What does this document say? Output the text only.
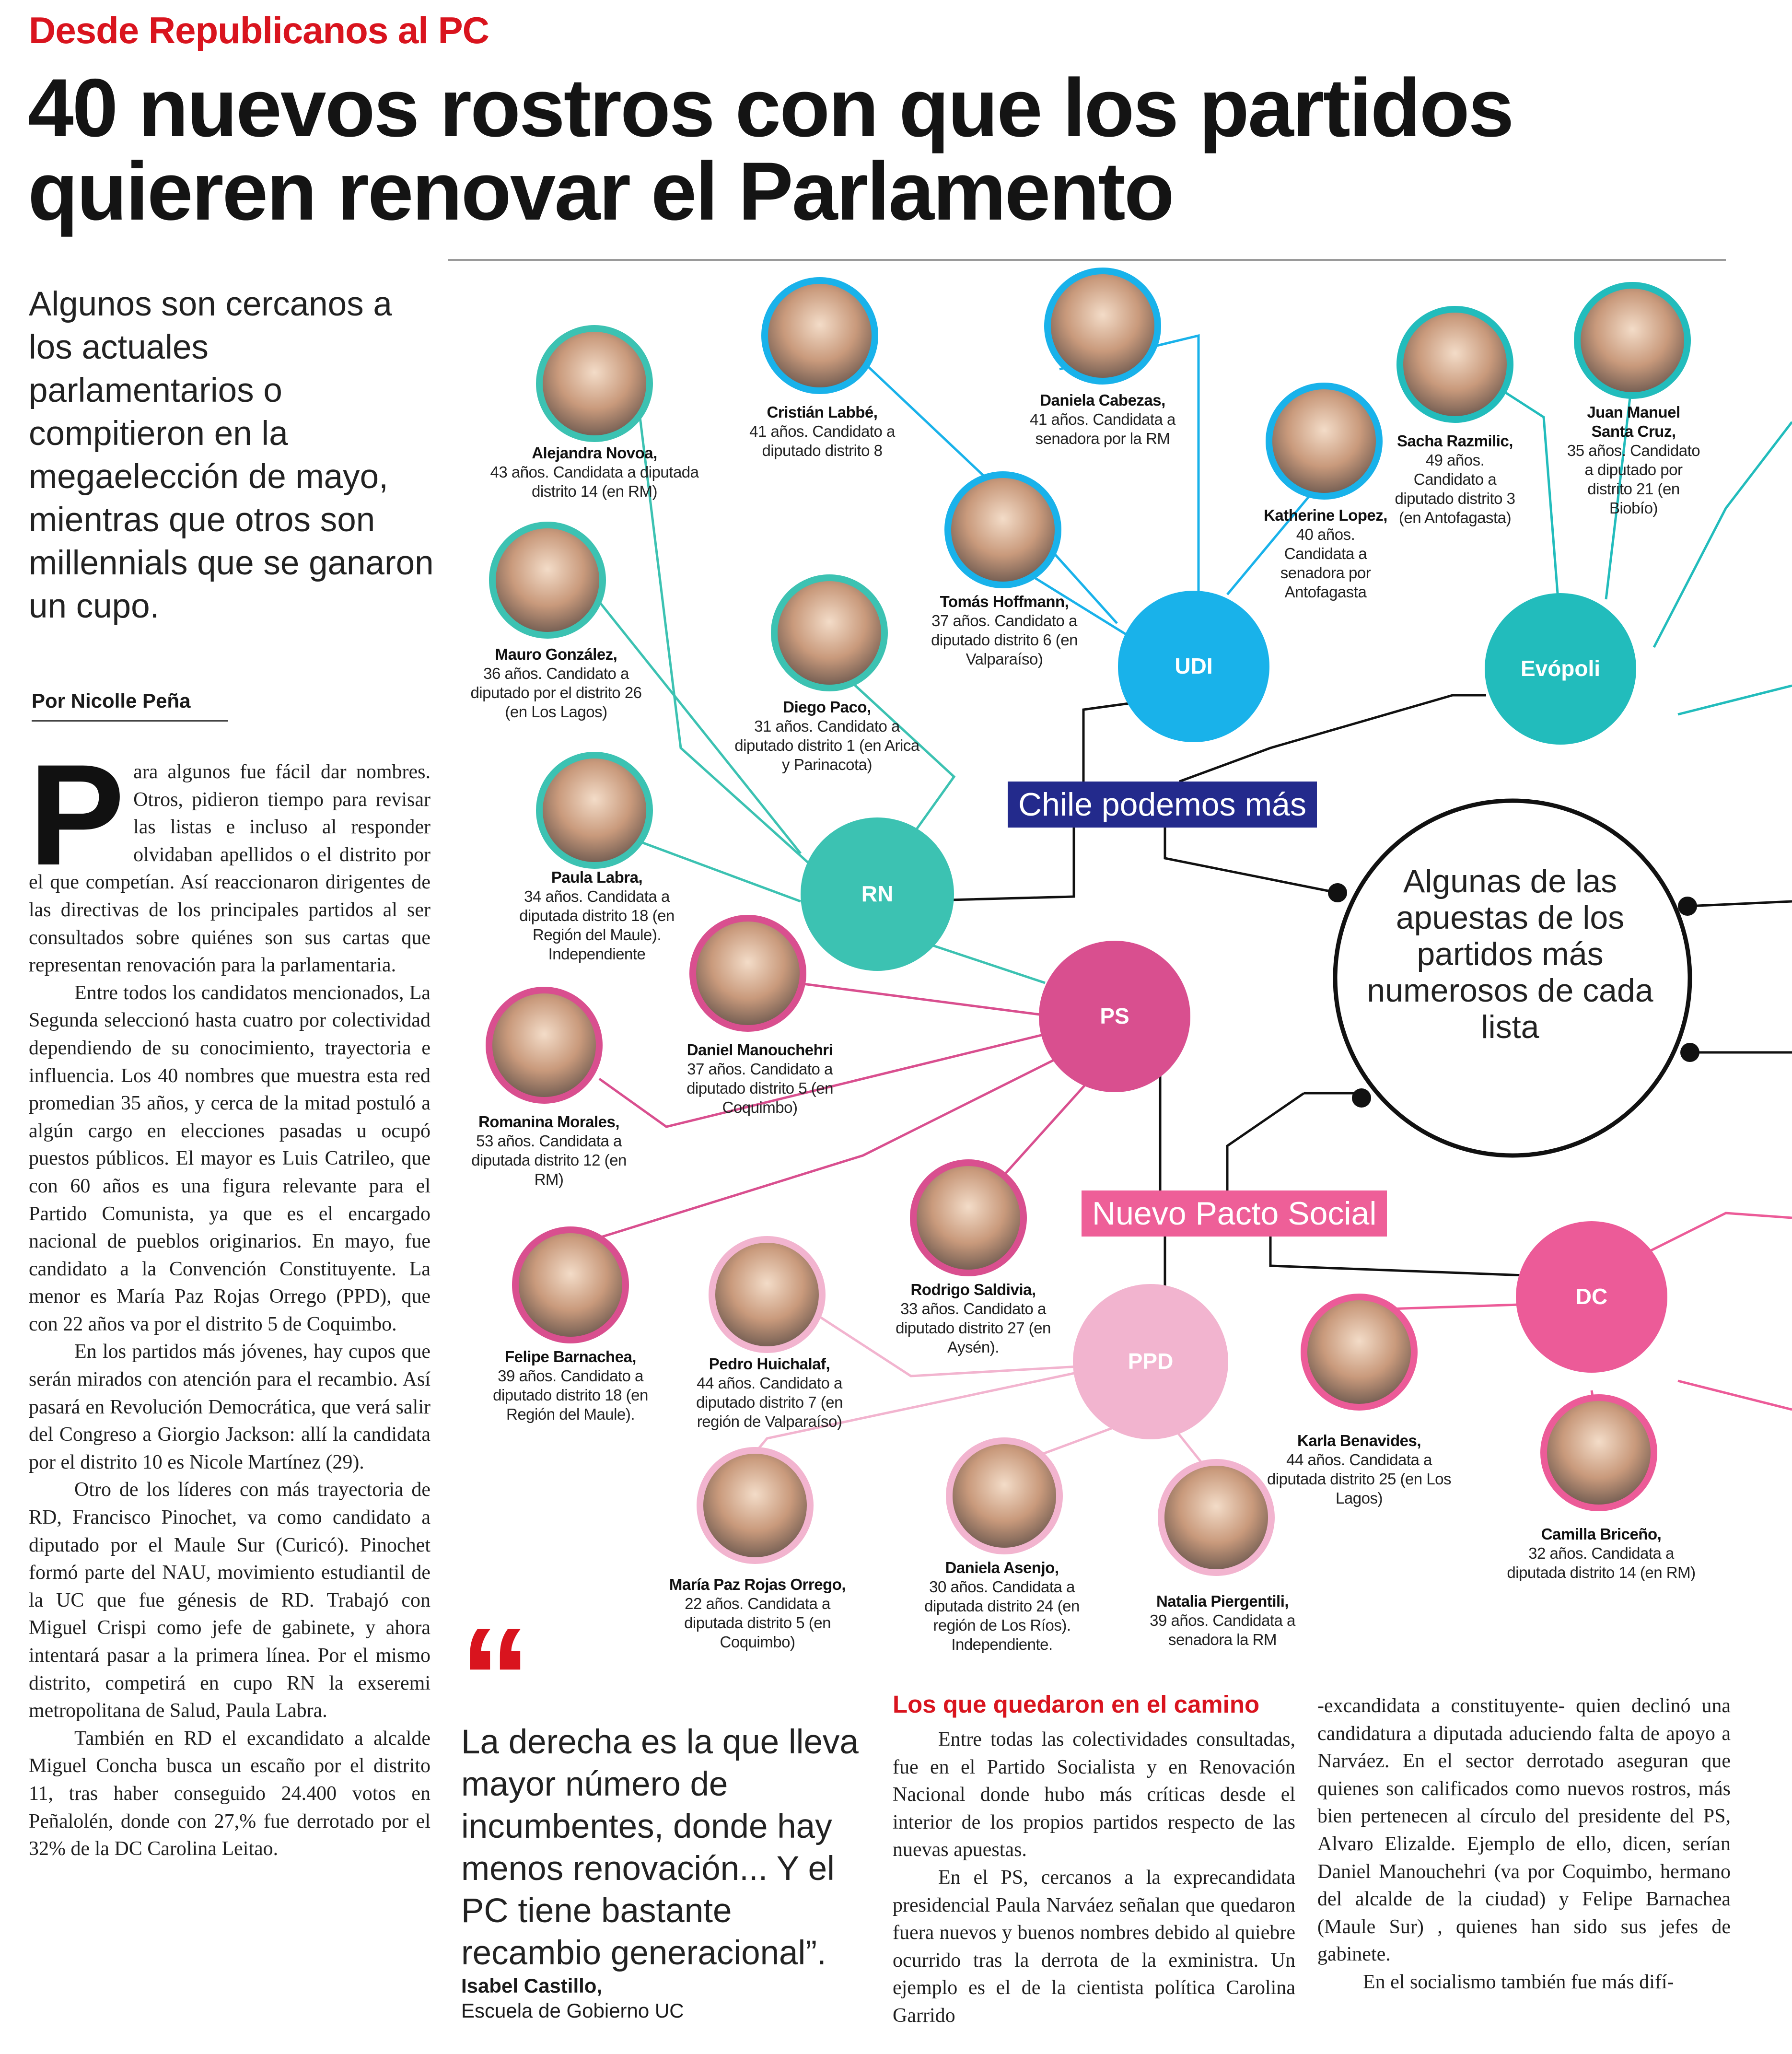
Desde Republicanos al PC
40 nuevos rostros con que los partidos quieren renovar el Parlamento
Algunos son cercanos a los actuales parlamentarios o compitieron en la megaelección de mayo, mientras que otros son millennials que se ganaron un cupo.
Por Nicolle Peña

Para algunos fue fácil dar nombres. Otros, pidieron tiempo para revisar las listas e incluso al responder olvidaban apellidos o el distrito por el que competían. Así reaccionaron dirigentes de las directivas de los principales partidos al ser consultados sobre quiénes son sus cartas que representan renovación para la parlamentaria.

Entre todos los candidatos mencionados, La Segunda seleccionó hasta cuatro por colectividad dependiendo de su conocimiento, trayectoria e influencia. Los 40 nombres que muestra esta red promedian 35 años, y cerca de la mitad postuló a algún cargo en elecciones pasadas u ocupó puestos públicos. El mayor es Luis Catrileo, que con 60 años es una figura relevante para el Partido Comunista, ya que es el encargado nacional de pueblos originarios. En mayo, fue candidato a la Convención Constituyente. La menor es María Paz Rojas Orrego (PPD), que con 22 años va por el distrito 5 de Coquimbo.

En los partidos más jóvenes, hay cupos que serán mirados con atención para el recambio. Así pasará en Revolución Democrática, que verá salir del Congreso a Giorgio Jackson: allí la candidata por el distrito 10 es Nicole Martínez (29).

Otro de los líderes con más trayectoria de RD, Francisco Pinochet, va como candidato a diputado por el Maule Sur (Curicó). Pinochet formó parte del NAU, movimiento estudiantil de la UC que fue génesis de RD. Trabajó con Miguel Crispi como jefe de gabinete, y ahora intentará pasar a la primera línea. Por el mismo distrito, competirá en cupo RN la exseremi metropolitana de Salud, Paula Labra.

También en RD el excandidato a alcalde Miguel Concha busca un escaño por el distrito 11, tras haber conseguido 24.400 votos en Peñalolén, donde con 27,% fue derrotado por el 32% de la DC Carolina Leitao.

UDI	Evópoli
RN
PS
PPD
DC
Chile podemos más
Nuevo Pacto Social
Algunas de las apuestas de los partidos más numerosos de cada lista
Alejandra Novoa,
43 años. Candidata a diputada distrito 14 (en RM)
Cristián Labbé,
41 años. Candidato a diputado distrito 8
Daniela Cabezas,
41 años. Candidata a senadora por la RM
Katherine Lopez,
40 años. Candidata a senadora por Antofagasta
Sacha Razmilic,
49 años. Candidato a diputado distrito 3 (en Antofagasta)
Juan Manuel Santa Cruz,
35 años. Candidato a diputado por distrito 21 (en Biobío)
Tomás Hoffmann,
37 años. Candidato a diputado distrito 6 (en Valparaíso)
Mauro González,
36 años. Candidato a diputado por el distrito 26 (en Los Lagos)	Diego Paco,
31 años. Candidato a diputado distrito 1 (en Arica y Parinacota)
Paula Labra,
34 años. Candidata a diputada distrito 18 (en Región del Maule). Independiente
Daniel Manouchehri
37 años. Candidato a diputado distrito 5 (en Coquimbo)
Romanina Morales,
53 años. Candidata a diputada distrito 12 (en RM)
Rodrigo Saldivia,
33 años. Candidato a diputado distrito 27 (en Aysén).
Felipe Barnachea,
39 años. Candidato a diputado distrito 18 (en Región del Maule).
Pedro Huichalaf,
44 años. Candidato a diputado distrito 7 (en región de Valparaíso)
Karla Benavides,
44 años. Candidata a diputada distrito 25 (en Los Lagos)
Camilla Briceño,
32 años. Candidata a diputada distrito 14 (en RM)
María Paz Rojas Orrego,
22 años. Candidata a diputada distrito 5 (en Coquimbo)
Daniela Asenjo,
30 años. Candidata a diputada distrito 24 (en región de Los Ríos). Independiente.
Natalia Piergentili,
39 años. Candidata a senadora la RM
“
La derecha es la que lleva mayor número de incumbentes, donde hay menos renovación... Y el PC tiene bastante recambio generacional”.
Isabel Castillo,
Escuela de Gobierno UC
Los que quedaron en el camino

Entre todas las colectividades consultadas, fue en el Partido Socialista y en Renovación Nacional donde hubo más críticas desde el interior de los propios partidos respecto de las nuevas apuestas.

En el PS, cercanos a la exprecandidata presidencial Paula Narváez señalan que quedaron fuera nuevos y buenos nombres debido al quiebre ocurrido tras la derrota de la exministra. Un ejemplo es el de la cientista política Carolina Garrido

-excandidata a constituyente- quien declinó una candidatura a diputada aduciendo falta de apoyo a Narváez. En el sector derrotado aseguran que quienes son calificados como nuevos rostros, más bien pertenecen al círculo del presidente del PS, Alvaro Elizalde. Ejemplo de ello, dicen, serían Daniel Manouchehri (va por Coquimbo, hermano del alcalde de la ciudad) y Felipe Barnachea (Maule Sur) , quienes han sido sus jefes de gabinete.

En el socialismo también fue más difí-
